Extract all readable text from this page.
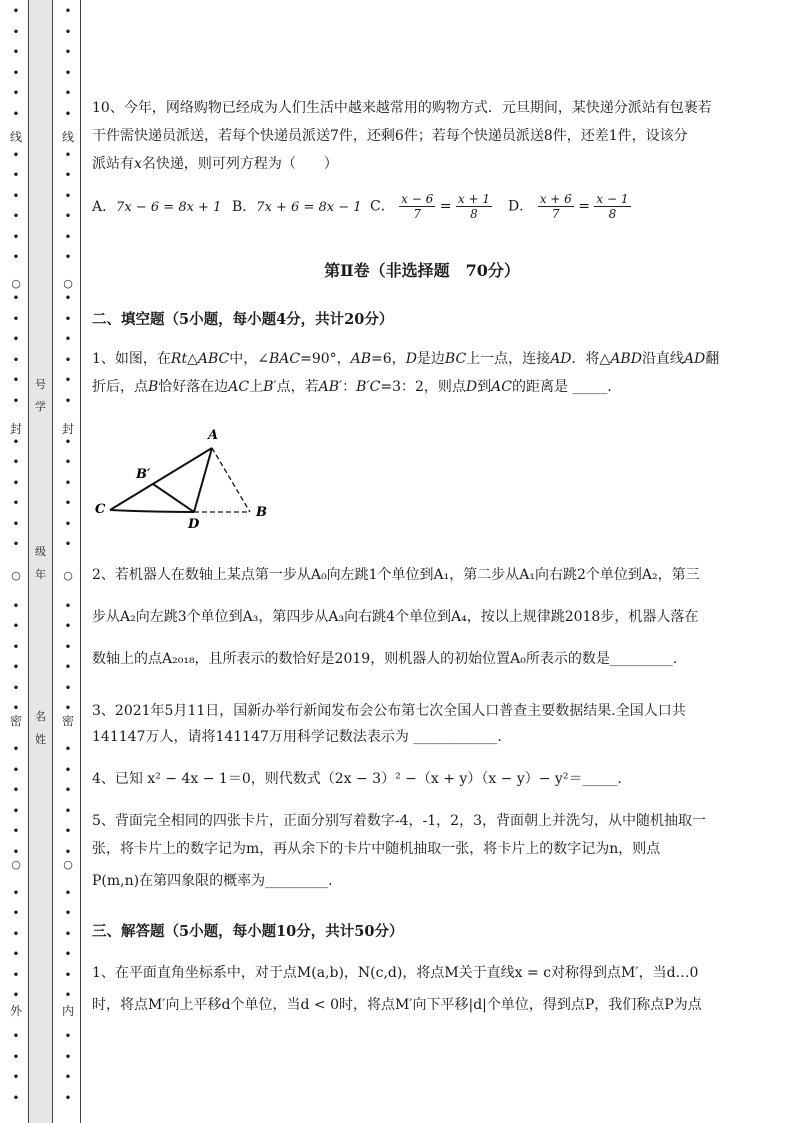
•
•
•
•
•
•
•
•
•
•
•
•
•
•
•
•
•
•
•
•
•
•
•
•
•
•
•
•
•
•
•
•
•
•
•
•
•
•
•
•
•
•
•
•
•
•
线
○
封
○
密
○
外
号
学
级
年
名
姓
•
•
•
•
•
•
•
•
•
•
•
•
•
•
•
•
•
•
•
•
•
•
•
•
•
•
•
•
•
•
•
•
•
•
•
•
•
•
•
•
•
•
•
•
•
•
线
○
封
○
密
○
内
10、今年，网络购物已经成为人们生活中越来越常用的购物方式．元旦期间，某快递分派站有包裹若
干件需快递员派送，若每个快递员派送7件，还剩6件；若每个快递员派送8件，还差1件，设该分
派站有x名快递，则可列方程为（　　）
A．7x − 6 = 8x + 1 B．7x + 6 = 8x − 1 C． $\frac{x - 6}{7} = \frac{x + 1}{8}$ D． $\frac{x + 6}{7} = \frac{x - 1}{8}$
第Ⅱ卷（非选择题　70分）
二、填空题（5小题，每小题4分，共计20分）
1、如图，在Rt△ABC中，∠BAC=90°，AB=6，D是边BC上一点，连接AD．将△ABD沿直线AD翻
折后，点B恰好落在边AC上B′点，若AB′：B′C=3：2，则点D到AC的距离是 _____．
A
B′
C
D
B
2、若机器人在数轴上某点第一步从A₀向左跳1个单位到A₁，第二步从A₁向右跳2个单位到A₂，第三
步从A₂向左跳3个单位到A₃，第四步从A₃向右跳4个单位到A₄，按以上规律跳2018步，机器人落在
数轴上的点A₂₀₁₈，且所表示的数恰好是2019，则机器人的初始位置A₀所表示的数是_________．
3、2021年5月11日，国新办举行新闻发布会公布第七次全国人口普查主要数据结果.全国人口共
141147万人，请将141147万用科学记数法表示为 ____________.
4、已知 x² − 4x − 1＝0，则代数式（2x − 3）² −（x + y）（x − y）− y²＝_____．
5、背面完全相同的四张卡片，正面分别写着数字-4，-1，2，3，背面朝上并洗匀，从中随机抽取一
张，将卡片上的数字记为m，再从余下的卡片中随机抽取一张，将卡片上的数字记为n，则点
P(m,n)在第四象限的概率为_________.
三、解答题（5小题，每小题10分，共计50分）
1、在平面直角坐标系中，对于点M(a,b)，N(c,d)，将点M关于直线x = c对称得到点M′，当d…0
时，将点M′向上平移d个单位，当d < 0时，将点M′向下平移|d|个单位，得到点P，我们称点P为点
